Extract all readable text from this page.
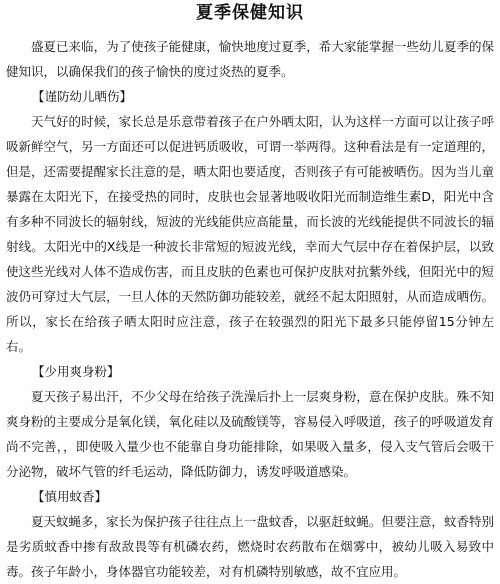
夏季保健知识

盛夏已来临，为了使孩子能健康，愉快地度过夏季，希大家能掌握一些幼儿夏季的保健知识，以确保我们的孩子愉快的度过炎热的夏季。

【谨防幼儿晒伤】

天气好的时候，家长总是乐意带着孩子在户外晒太阳，认为这样一方面可以让孩子呼吸新鲜空气，另一方面还可以促进钙质吸收，可谓一举两得。这种看法是有一定道理的，但是，还需要提醒家长注意的是，晒太阳也要适度，否则孩子有可能被晒伤。因为当儿童暴露在太阳光下，在接受热的同时，皮肤也会显著地吸收阳光而制造维生素D，阳光中含有多种不同波长的辐射线，短波的光线能供应高能量，而长波的光线能提供不同波长的辐射线。太阳光中的X线是一种波长非常短的短波光线，幸而大气层中存在着保护层，以致使这些光线对人体不造成伤害，而且皮肤的色素也可保护皮肤对抗紫外线，但阳光中的短波仍可穿过大气层，一旦人体的天然防御功能较差，就经不起太阳照射，从而造成晒伤。所以，家长在给孩子晒太阳时应注意，孩子在较强烈的阳光下最多只能停留15分钟左右。

【少用爽身粉】

夏天孩子易出汗，不少父母在给孩子洗澡后扑上一层爽身粉，意在保护皮肤。殊不知爽身粉的主要成分是氧化镁，氧化硅以及硫酸镁等，容易侵入呼吸道，孩子的呼吸道发育尚不完善，，即使吸入量少也不能靠自身功能排除，如果吸入量多，侵入支气管后会吸干分泌物，破坏气管的纤毛运动，降低防御力，诱发呼吸道感染。

【慎用蚊香】

夏天蚊蝇多，家长为保护孩子往往点上一盘蚊香，以驱赶蚊蝇。但要注意，蚊香特别是劣质蚊香中掺有敌敌畏等有机磷农药，燃烧时农药散布在烟雾中，被幼儿吸入易致中毒。孩子年龄小，身体器官功能较差，对有机磷特别敏感，故不宜应用。
